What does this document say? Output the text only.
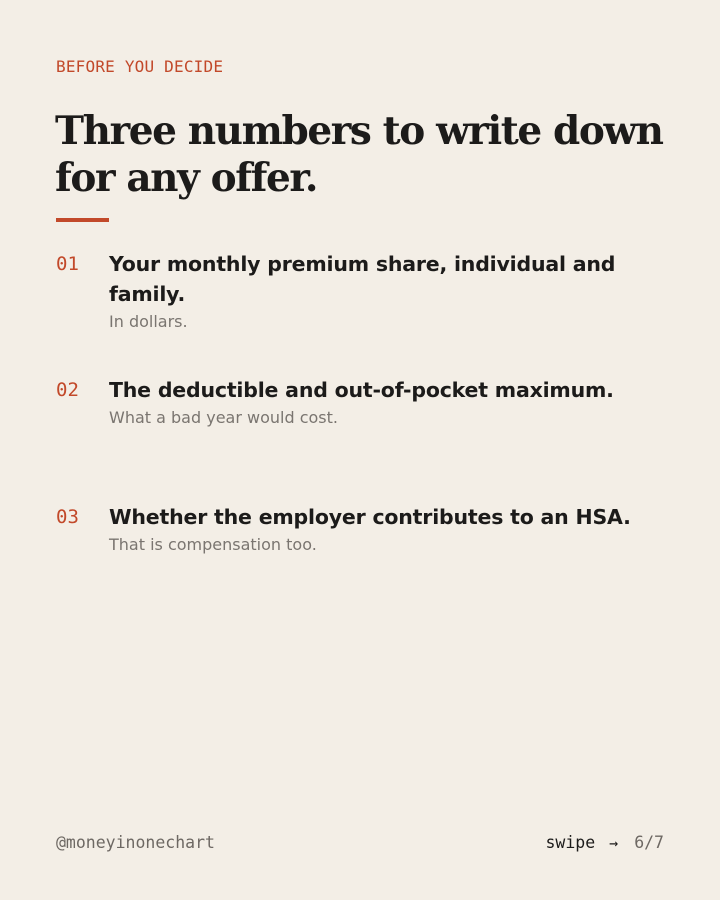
BEFORE YOU DECIDE
Three numbers to write down for any offer.
01 Your monthly premium share, individual and family.
In dollars.
02 The deductible and out-of-pocket maximum.
What a bad year would cost.
03 Whether the employer contributes to an HSA.
That is compensation too.
@moneyinonechart	swipe → 6/7
